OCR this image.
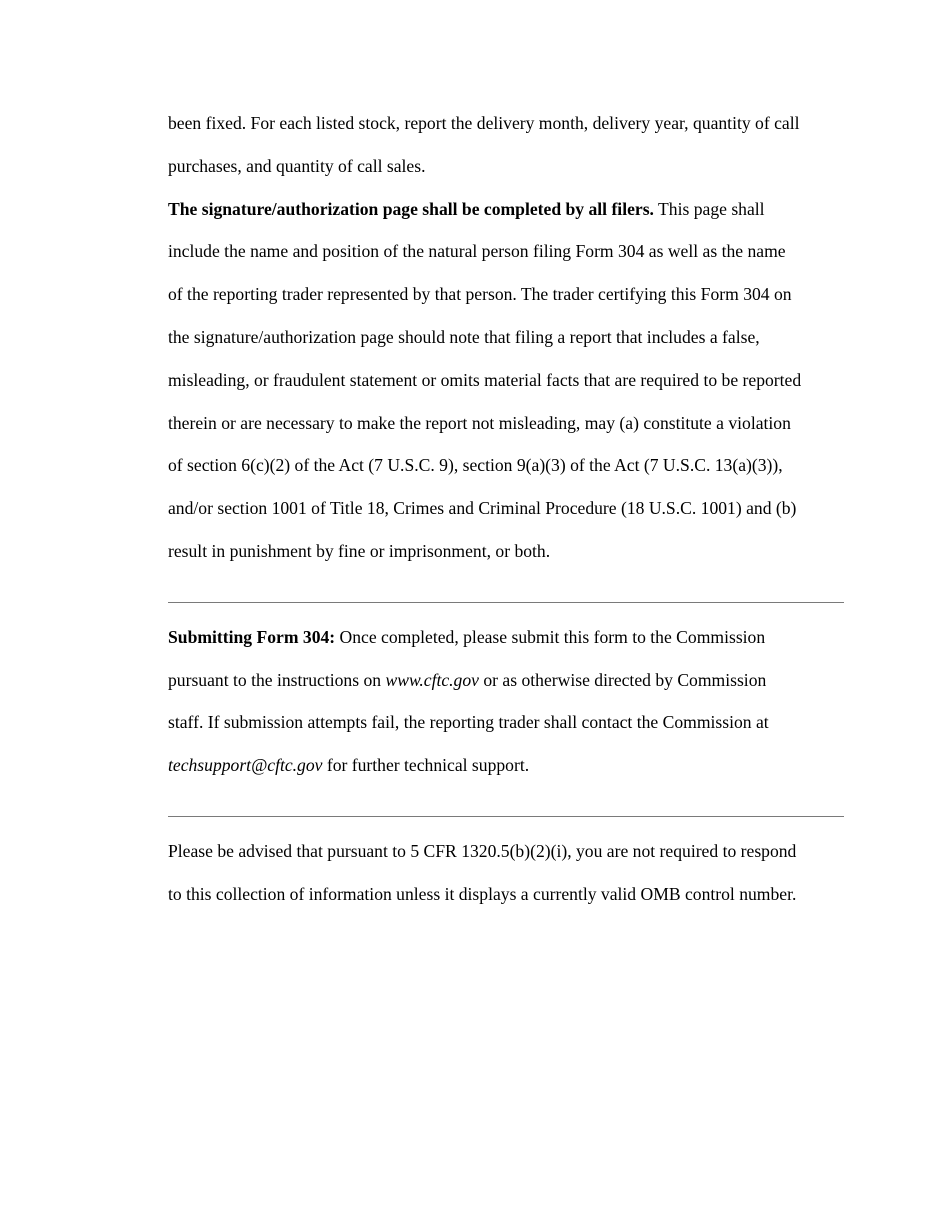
been fixed. For each listed stock, report the delivery month, delivery year, quantity of call
purchases, and quantity of call sales.
The signature/authorization page shall be completed by all filers. This page shall
include the name and position of the natural person filing Form 304 as well as the name
of the reporting trader represented by that person. The trader certifying this Form 304 on
the signature/authorization page should note that filing a report that includes a false,
misleading, or fraudulent statement or omits material facts that are required to be reported
therein or are necessary to make the report not misleading, may (a) constitute a violation
of section 6(c)(2) of the Act (7 U.S.C. 9), section 9(a)(3) of the Act (7 U.S.C. 13(a)(3)),
and/or section 1001 of Title 18, Crimes and Criminal Procedure (18 U.S.C. 1001) and (b)
result in punishment by fine or imprisonment, or both.
Submitting Form 304: Once completed, please submit this form to the Commission
pursuant to the instructions on www.cftc.gov or as otherwise directed by Commission
staff. If submission attempts fail, the reporting trader shall contact the Commission at
techsupport@cftc.gov for further technical support.
Please be advised that pursuant to 5 CFR 1320.5(b)(2)(i), you are not required to respond
to this collection of information unless it displays a currently valid OMB control number.
